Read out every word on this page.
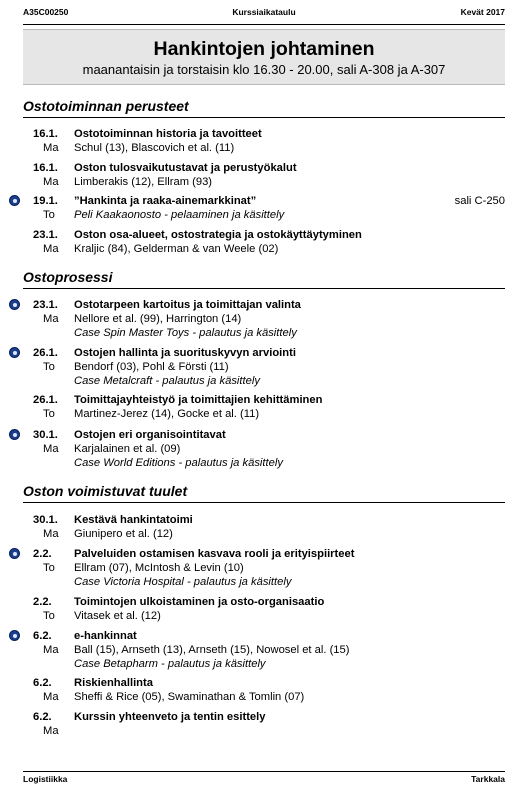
A35C00250	Kurssiaikataulu	Kevät 2017
Hankintojen johtaminen
maanantaisin ja torstaisin klo 16.30 - 20.00, sali A-308 ja A-307
Ostotoiminnan perusteet
16.1. Ostotoiminnan historia ja tavoitteet
Ma Schul (13), Blascovich et al. (11)
16.1. Oston tulosvaikutustavat ja perustyökalut
Ma Limberakis (12), Ellram (93)
19.1. ”Hankinta ja raaka-ainemarkkinat”	sali C-250
To Peli Kaakaonosto - pelaaminen ja käsittely
23.1. Oston osa-alueet, ostostrategia ja ostokäyttäytyminen
Ma Kraljic (84), Gelderman & van Weele (02)
Ostoprosessi
23.1. Ostotarpeen kartoitus ja toimittajan valinta
Ma Nellore et al. (99), Harrington (14)
Case Spin Master Toys - palautus ja käsittely
26.1. Ostojen hallinta ja suorituskyvyn arviointi
To Bendorf (03), Pohl & Försti (11)
Case Metalcraft - palautus ja käsittely
26.1. Toimittajayhteistyö ja toimittajien kehittäminen
To Martinez-Jerez (14), Gocke et al. (11)
30.1. Ostojen eri organisointitavat
Ma Karjalainen et al. (09)
Case World Editions - palautus ja käsittely
Oston voimistuvat tuulet
30.1. Kestävä hankintatoimi
Ma Giunipero et al. (12)
2.2. Palveluiden ostamisen kasvava rooli ja erityispiirteet
To Ellram (07), McIntosh & Levin (10)
Case Victoria Hospital - palautus ja käsittely
2.2. Toimintojen ulkoistaminen ja osto-organisaatio
To Vitasek et al. (12)
6.2. e-hankinnat
Ma Ball (15), Arnseth (13), Arnseth (15), Nowosel et al. (15)
Case Betapharm - palautus ja käsittely
6.2. Riskienhallinta
Ma Sheffi & Rice (05), Swaminathan & Tomlin (07)
6.2. Kurssin yhteenveto ja tentin esittely
Ma
Logistiikka	Tarkkala
